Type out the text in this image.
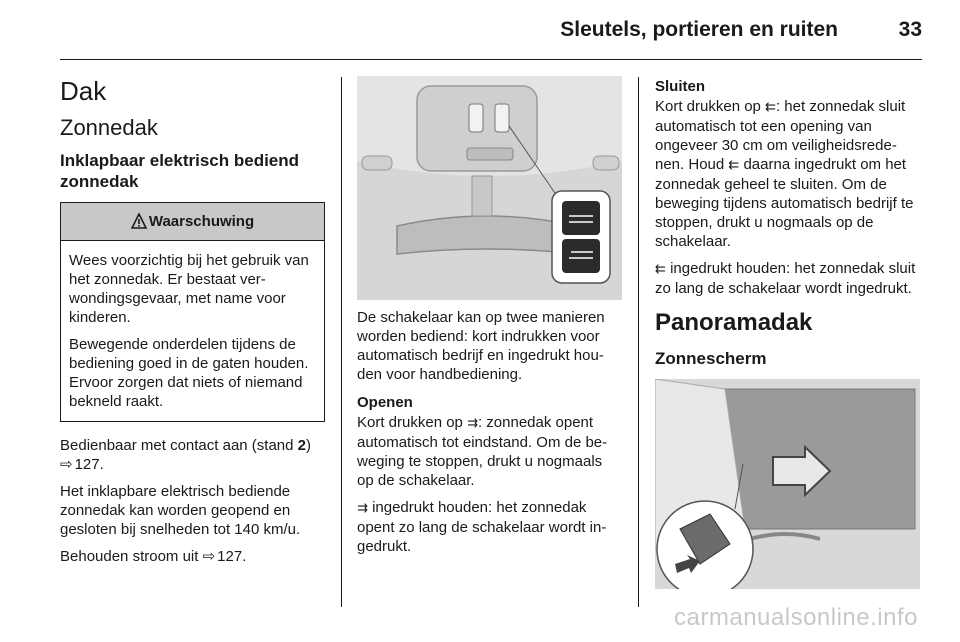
Sleutels, portieren en ruiten	33
Dak
Zonnedak
Inklapbaar elektrisch bediend zonnedak
Waarschuwing

Wees voorzichtig bij het gebruik van het zonnedak. Er bestaat verwondingsgevaar, met name voor kinderen.

Bewegende onderdelen tijdens de bediening goed in de gaten houden. Ervoor zorgen dat niets of niemand bekneld raakt.

Bedienbaar met contact aan (stand 2)
⇨ 127.

Het inklapbare elektrisch bediende zonnedak kan worden geopend en gesloten bij snelheden tot 140 km/u.

Behouden stroom uit ⇨ 127.

De schakelaar kan op twee manieren worden bediend: kort indrukken voor automatisch bedrijf en ingedrukt houden voor handbediening.

Openen

Kort drukken op ⇉: zonnedak opent automatisch tot eindstand. Om de beweging te stoppen, drukt u nogmaals op de schakelaar.

⇉ ingedrukt houden: het zonnedak opent zo lang de schakelaar wordt ingedrukt.

Sluiten

Kort drukken op ⇇: het zonnedak sluit automatisch tot een opening van ongeveer 30 cm om veiligheidsredenen. Houd ⇇ daarna ingedrukt om het zonnedak geheel te sluiten. Om de beweging tijdens automatisch bedrijf te stoppen, drukt u nogmaals op de schakelaar.

⇇ ingedrukt houden: het zonnedak sluit zo lang de schakelaar wordt ingedrukt.

Panoramadak
Zonnescherm
carmanualsonline.info
